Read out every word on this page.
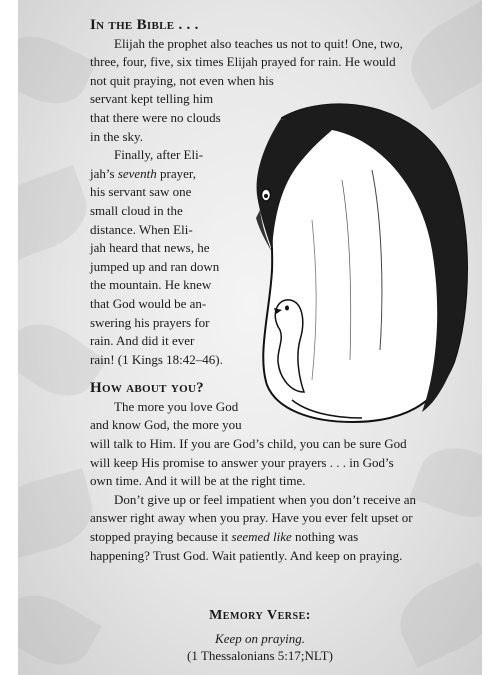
In the Bible . . .
Elijah the prophet also teaches us not to quit! One, two,
three, four, five, six times Elijah prayed for rain. He would
not quit praying, not even when his
servant kept telling him
that there were no clouds
in the sky.
Finally, after Eli-
jah’s seventh prayer,
his servant saw one
small cloud in the
distance. When Eli-
jah heard that news, he
jumped up and ran down
the mountain. He knew
that God would be an-
swering his prayers for
rain. And did it ever
rain! (1 Kings 18:42–46).
How about you?
The more you love God
and know God, the more you
will talk to Him. If you are God’s child, you can be sure God
will keep His promise to answer your prayers . . . in God’s
own time. And it will be at the right time.
Don’t give up or feel impatient when you don’t receive an
answer right away when you pray. Have you ever felt upset or
stopped praying because it seemed like nothing was
happening? Trust God. Wait patiently. And keep on praying.
Memory Verse:
Keep on praying.
(1 Thessalonians 5:17;NLT)
